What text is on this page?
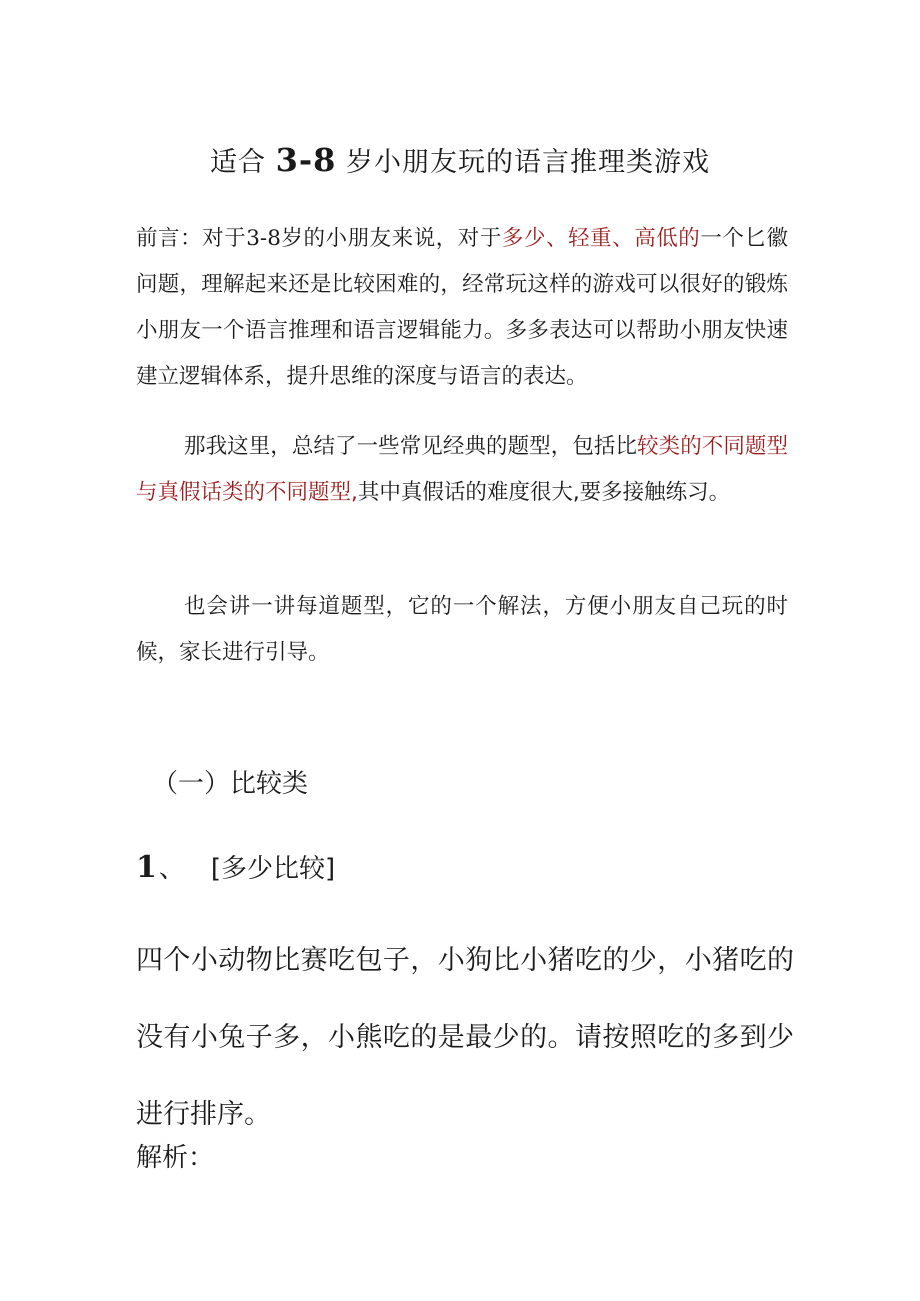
适合 3-8 岁小朋友玩的语言推理类游戏

前言：对于3-8岁的小朋友来说，对于多少、轻重、高低的一个匕徽问题，理解起来还是比较困难的，经常玩这样的游戏可以很好的锻炼小朋友一个语言推理和语言逻辑能力。多多表达可以帮助小朋友快速建立逻辑体系，提升思维的深度与语言的表达。

那我这里，总结了一些常见经典的题型，包括比较类的不同题型与真假话类的不同题型,其中真假话的难度很大,要多接触练习。

也会讲一讲每道题型，它的一个解法，方便小朋友自己玩的时候，家长进行引导。

（一）比较类
1、 [多少比较]

四个小动物比赛吃包子，小狗比小猪吃的少，小猪吃的没有小兔子多，小熊吃的是最少的。请按照吃的多到少进行排序。

解析：
